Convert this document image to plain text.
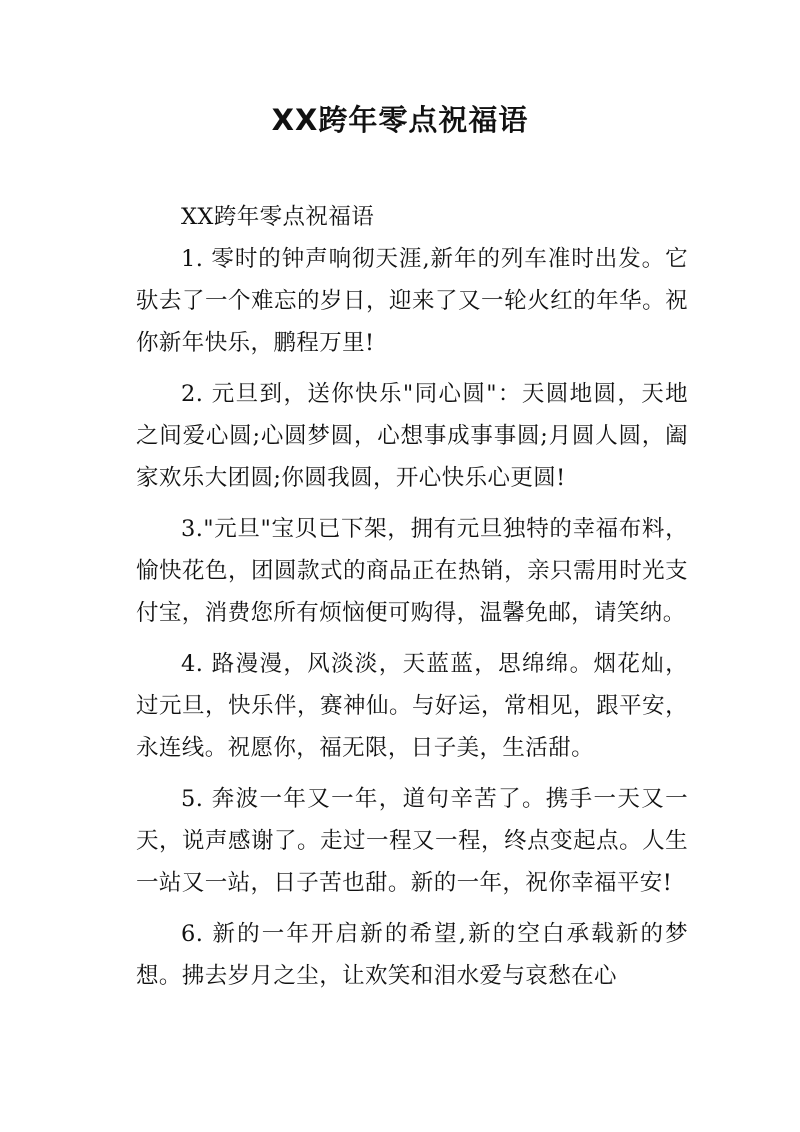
XX跨年零点祝福语

XX跨年零点祝福语

1. 零时的钟声响彻天涯,新年的列车准时出发。它驮去了一个难忘的岁日，迎来了又一轮火红的年华。祝你新年快乐，鹏程万里!

2. 元旦到，送你快乐"同心圆"：天圆地圆，天地之间爱心圆;心圆梦圆，心想事成事事圆;月圆人圆，阖家欢乐大团圆;你圆我圆，开心快乐心更圆!

3."元旦"宝贝已下架，拥有元旦独特的幸福布料，愉快花色，团圆款式的商品正在热销，亲只需用时光支付宝，消费您所有烦恼便可购得，温馨免邮，请笑纳。

4. 路漫漫，风淡淡，天蓝蓝，思绵绵。烟花灿，过元旦，快乐伴，赛神仙。与好运，常相见，跟平安，永连线。祝愿你，福无限，日子美，生活甜。

5. 奔波一年又一年，道句辛苦了。携手一天又一天，说声感谢了。走过一程又一程，终点变起点。人生一站又一站，日子苦也甜。新的一年，祝你幸福平安!

6. 新的一年开启新的希望,新的空白承载新的梦想。拂去岁月之尘，让欢笑和泪水爱与哀愁在心
